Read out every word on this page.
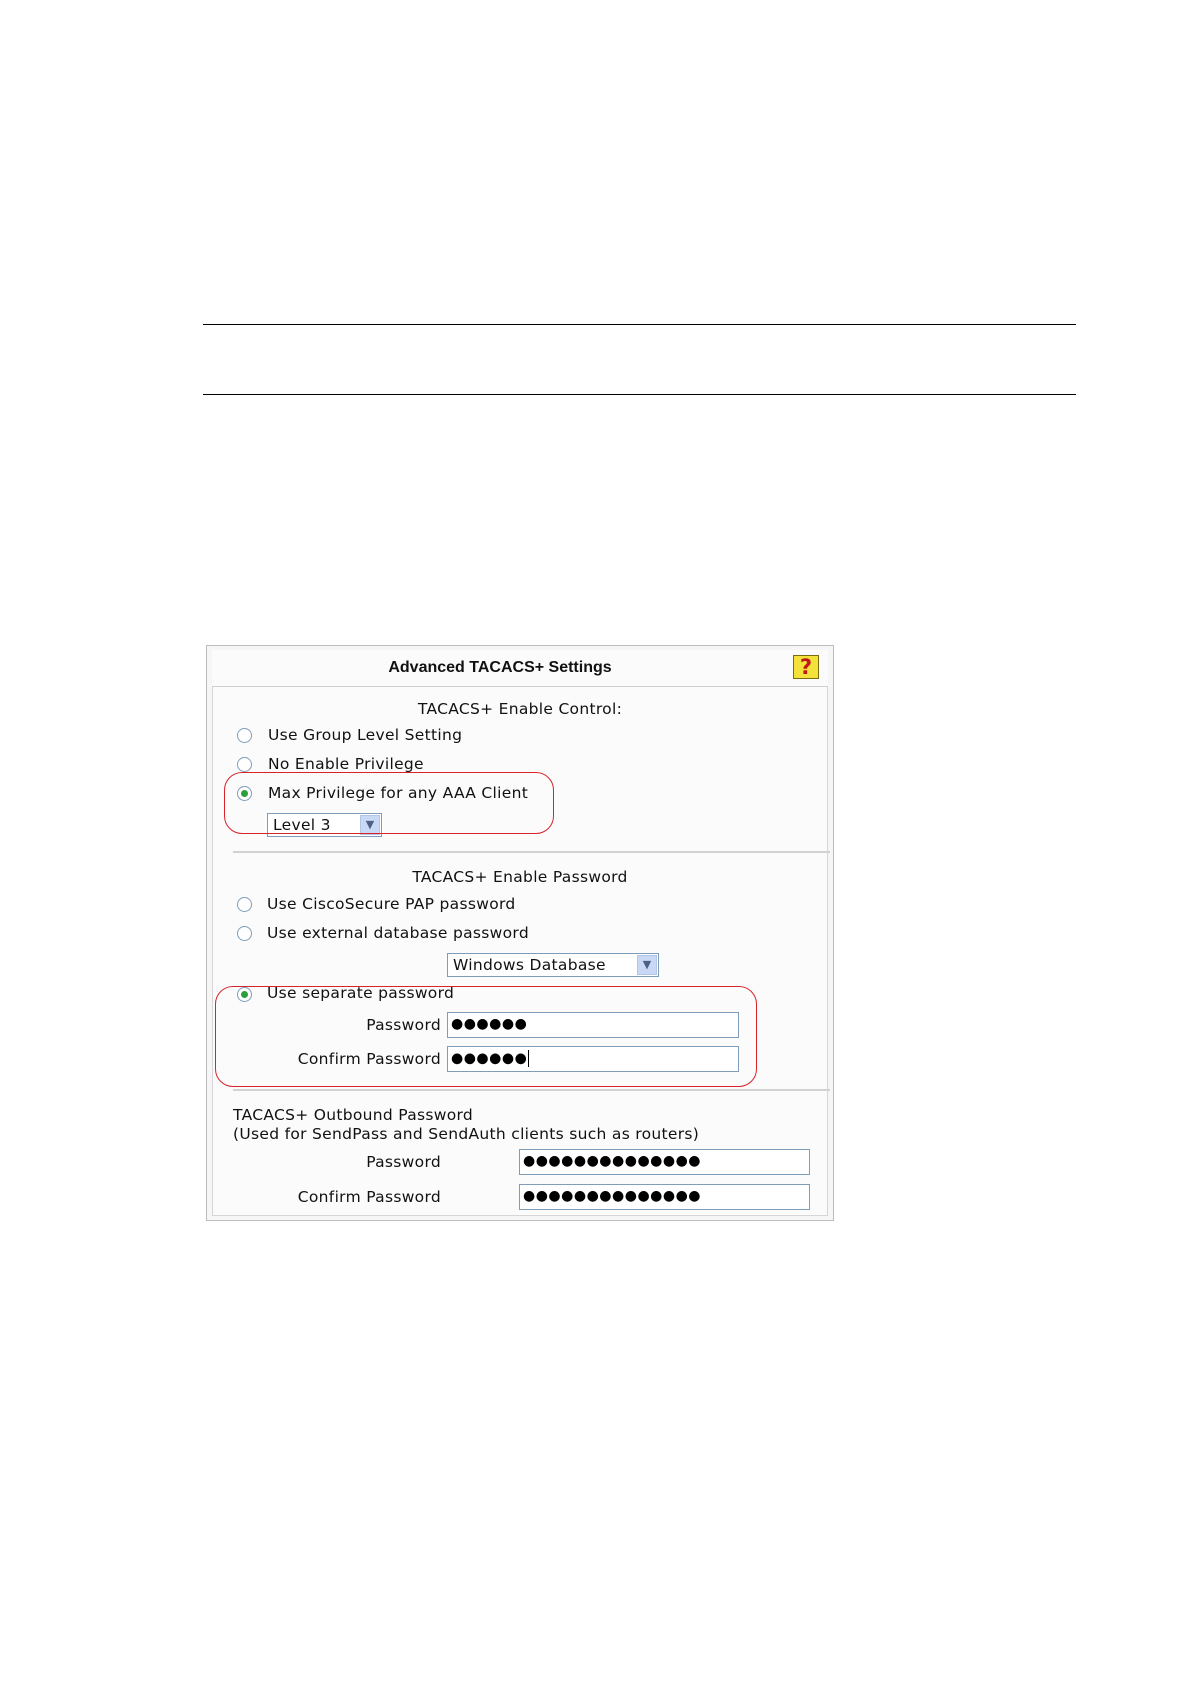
Advanced TACACS+ Settings	?
TACACS+ Enable Control:
Use Group Level Setting
No Enable Privilege
Max Privilege for any AAA Client
Level 3	▼
TACACS+ Enable Password
Use CiscoSecure PAP password
Use external database password
Windows Database	▼
Use separate password
Password ●●●●●●
Confirm Password ●●●●●●
TACACS+ Outbound Password
(Used for SendPass and SendAuth clients such as routers)
Password	●●●●●●●●●●●●●●
Confirm Password	●●●●●●●●●●●●●●
